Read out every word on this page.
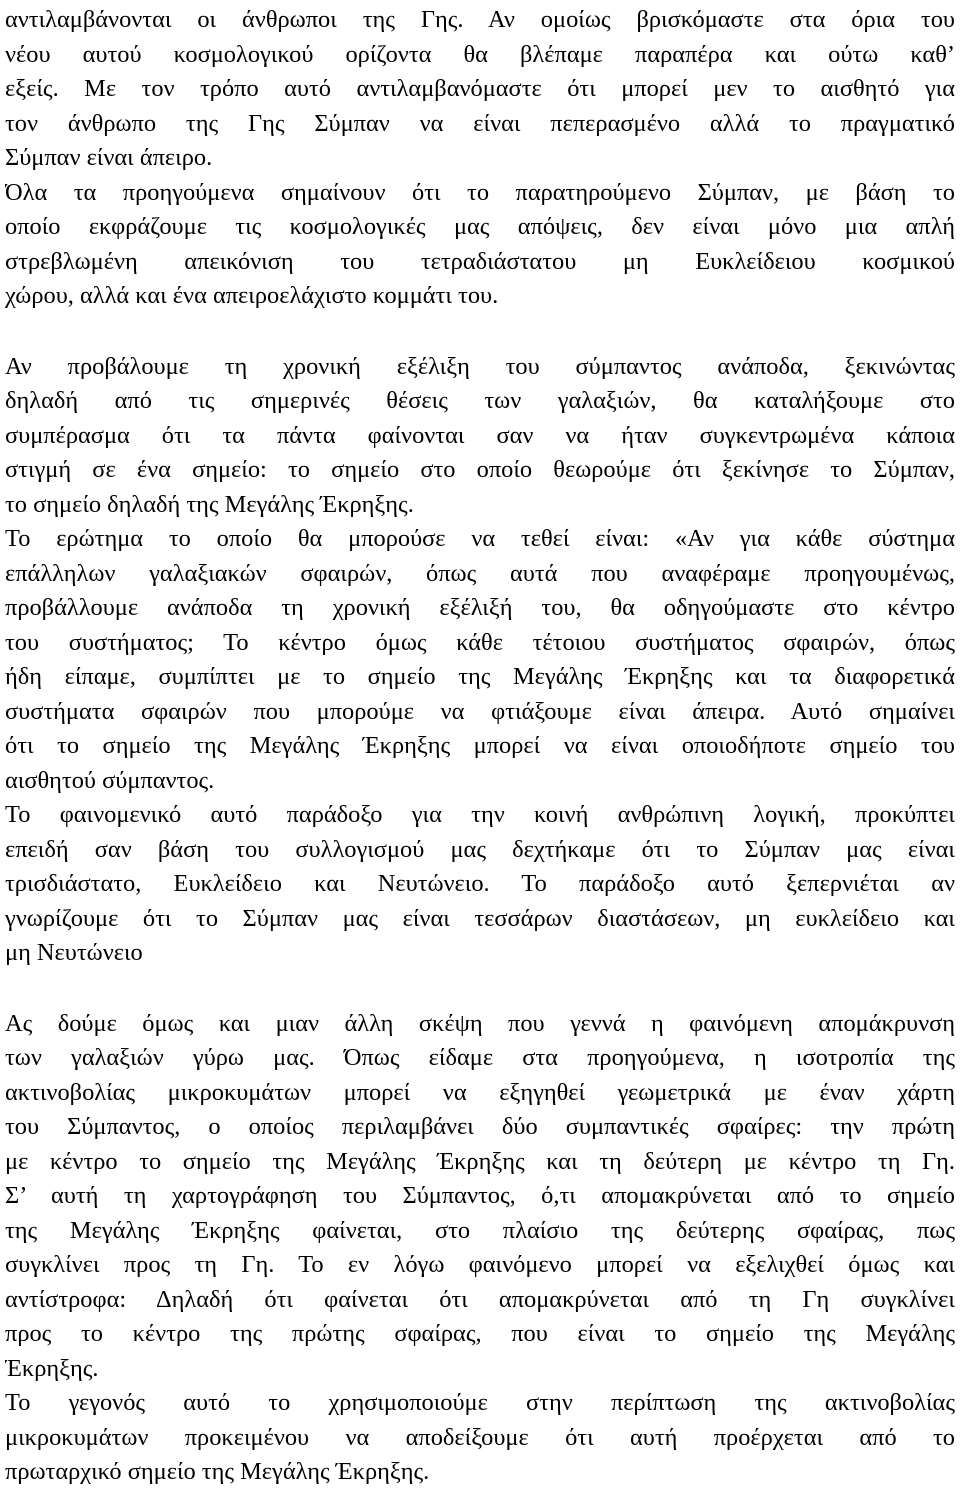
αντιλαμβάνονται οι άνθρωποι της Γης. Αν ομοίως βρισκόμαστε στα όρια του
νέου αυτού κοσμολογικού ορίζοντα θα βλέπαμε παραπέρα και ούτω καθ’
εξείς. Με τον τρόπο αυτό αντιλαμβανόμαστε ότι μπορεί μεν το αισθητό για
τον άνθρωπο της Γης Σύμπαν να είναι πεπερασμένο αλλά το πραγματικό
Σύμπαν είναι άπειρο.
Όλα τα προηγούμενα σημαίνουν ότι το παρατηρούμενο Σύμπαν, με βάση το
οποίο εκφράζουμε τις κοσμολογικές μας απόψεις, δεν είναι μόνο μια απλή
στρεβλωμένη απεικόνιση του τετραδιάστατου μη Ευκλείδειου κοσμικού
χώρου, αλλά και ένα απειροελάχιστο κομμάτι του.
Αν προβάλουμε τη χρονική εξέλιξη του σύμπαντος ανάποδα, ξεκινώντας
δηλαδή από τις σημερινές θέσεις των γαλαξιών, θα καταλήξουμε στο
συμπέρασμα ότι τα πάντα φαίνονται σαν να ήταν συγκεντρωμένα κάποια
στιγμή σε ένα σημείο: το σημείο στο οποίο θεωρούμε ότι ξεκίνησε το Σύμπαν,
το σημείο δηλαδή της Μεγάλης Έκρηξης.
Το ερώτημα το οποίο θα μπορούσε να τεθεί είναι: «Αν για κάθε σύστημα
επάλληλων γαλαξιακών σφαιρών, όπως αυτά που αναφέραμε προηγουμένως,
προβάλλουμε ανάποδα τη χρονική εξέλιξή του, θα οδηγούμαστε στο κέντρο
του συστήματος; Το κέντρο όμως κάθε τέτοιου συστήματος σφαιρών, όπως
ήδη είπαμε, συμπίπτει με το σημείο της Μεγάλης Έκρηξης και τα διαφορετικά
συστήματα σφαιρών που μπορούμε να φτιάξουμε είναι άπειρα. Αυτό σημαίνει
ότι το σημείο της Μεγάλης Έκρηξης μπορεί να είναι οποιοδήποτε σημείο του
αισθητού σύμπαντος.
Το φαινομενικό αυτό παράδοξο για την κοινή ανθρώπινη λογική, προκύπτει
επειδή σαν βάση του συλλογισμού μας δεχτήκαμε ότι το Σύμπαν μας είναι
τρισδιάστατο, Ευκλείδειο και Νευτώνειο. Το παράδοξο αυτό ξεπερνιέται αν
γνωρίζουμε ότι το Σύμπαν μας είναι τεσσάρων διαστάσεων, μη ευκλείδειο και
μη Νευτώνειο
Ας δούμε όμως και μιαν άλλη σκέψη που γεννά η φαινόμενη απομάκρυνση
των γαλαξιών γύρω μας. Όπως είδαμε στα προηγούμενα, η ισοτροπία της
ακτινοβολίας μικροκυμάτων μπορεί να εξηγηθεί γεωμετρικά με έναν χάρτη
του Σύμπαντος, ο οποίος περιλαμβάνει δύο συμπαντικές σφαίρες: την πρώτη
με κέντρο το σημείο της Μεγάλης Έκρηξης και τη δεύτερη με κέντρο τη Γη.
Σ’ αυτή τη χαρτογράφηση του Σύμπαντος, ό,τι απομακρύνεται από το σημείο
της Μεγάλης Έκρηξης φαίνεται, στο πλαίσιο της δεύτερης σφαίρας, πως
συγκλίνει προς τη Γη. Το εν λόγω φαινόμενο μπορεί να εξελιχθεί όμως και
αντίστροφα: Δηλαδή ότι φαίνεται ότι απομακρύνεται από τη Γη συγκλίνει
προς το κέντρο της πρώτης σφαίρας, που είναι το σημείο της Μεγάλης
Έκρηξης.
Το γεγονός αυτό το χρησιμοποιούμε στην περίπτωση της ακτινοβολίας
μικροκυμάτων προκειμένου να αποδείξουμε ότι αυτή προέρχεται από το
πρωταρχικό σημείο της Μεγάλης Έκρηξης.
